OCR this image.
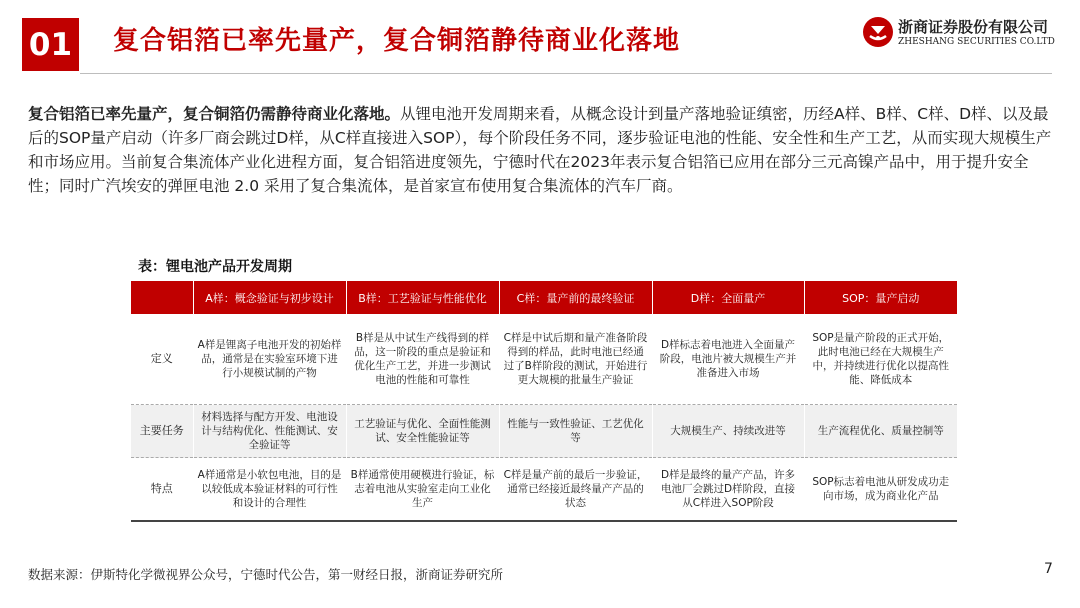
01 复合铝箔已率先量产，复合铜箔静待商业化落地	浙商证券股份有限公司
ZHESHANG SECURITIES CO.LTD
复合铝箔已率先量产，复合铜箔仍需静待商业化落地。从锂电池开发周期来看，从概念设计到量产落地验证缜密，历经A样、B样、C样、D样、以及最后的SOP量产启动（许多厂商会跳过D样，从C样直接进入SOP），每个阶段任务不同，逐步验证电池的性能、安全性和生产工艺，从而实现大规模生产和市场应用。当前复合集流体产业化进程方面，复合铝箔进度领先，宁德时代在2023年表示复合铝箔已应用在部分三元高镍产品中，用于提升安全性；同时广汽埃安的弹匣电池 2.0 采用了复合集流体，是首家宣布使用复合集流体的汽车厂商。
表：锂电池产品开发周期
	A样：概念验证与初步设计	B样：工艺验证与性能优化	C样：量产前的最终验证	D样：全面量产	SOP：量产启动
定义	A样是锂离子电池开发的初始样品，通常是在实验室环境下进行小规模试制的产物	B样是从中试生产线得到的样品，这一阶段的重点是验证和优化生产工艺，并进一步测试电池的性能和可靠性	C样是中试后期和量产准备阶段得到的样品，此时电池已经通过了B样阶段的测试，开始进行更大规模的批量生产验证	D样标志着电池进入全面量产阶段，电池片被大规模生产并准备进入市场	SOP是量产阶段的正式开始，此时电池已经在大规模生产中，并持续进行优化以提高性能、降低成本
主要任务	材料选择与配方开发、电池设计与结构优化、性能测试、安全验证等	工艺验证与优化、全面性能测试、安全性能验证等	性能与一致性验证、工艺优化等	大规模生产、持续改进等	生产流程优化、质量控制等
特点	A样通常是小软包电池，目的是以较低成本验证材料的可行性和设计的合理性	B样通常使用硬模进行验证，标志着电池从实验室走向工业化生产	C样是量产前的最后一步验证，通常已经接近最终量产产品的状态	D样是最终的量产产品，许多电池厂会跳过D样阶段，直接从C样进入SOP阶段	SOP标志着电池从研发成功走向市场，成为商业化产品
数据来源：伊斯特化学微视界公众号，宁德时代公告，第一财经日报，浙商证券研究所	7
